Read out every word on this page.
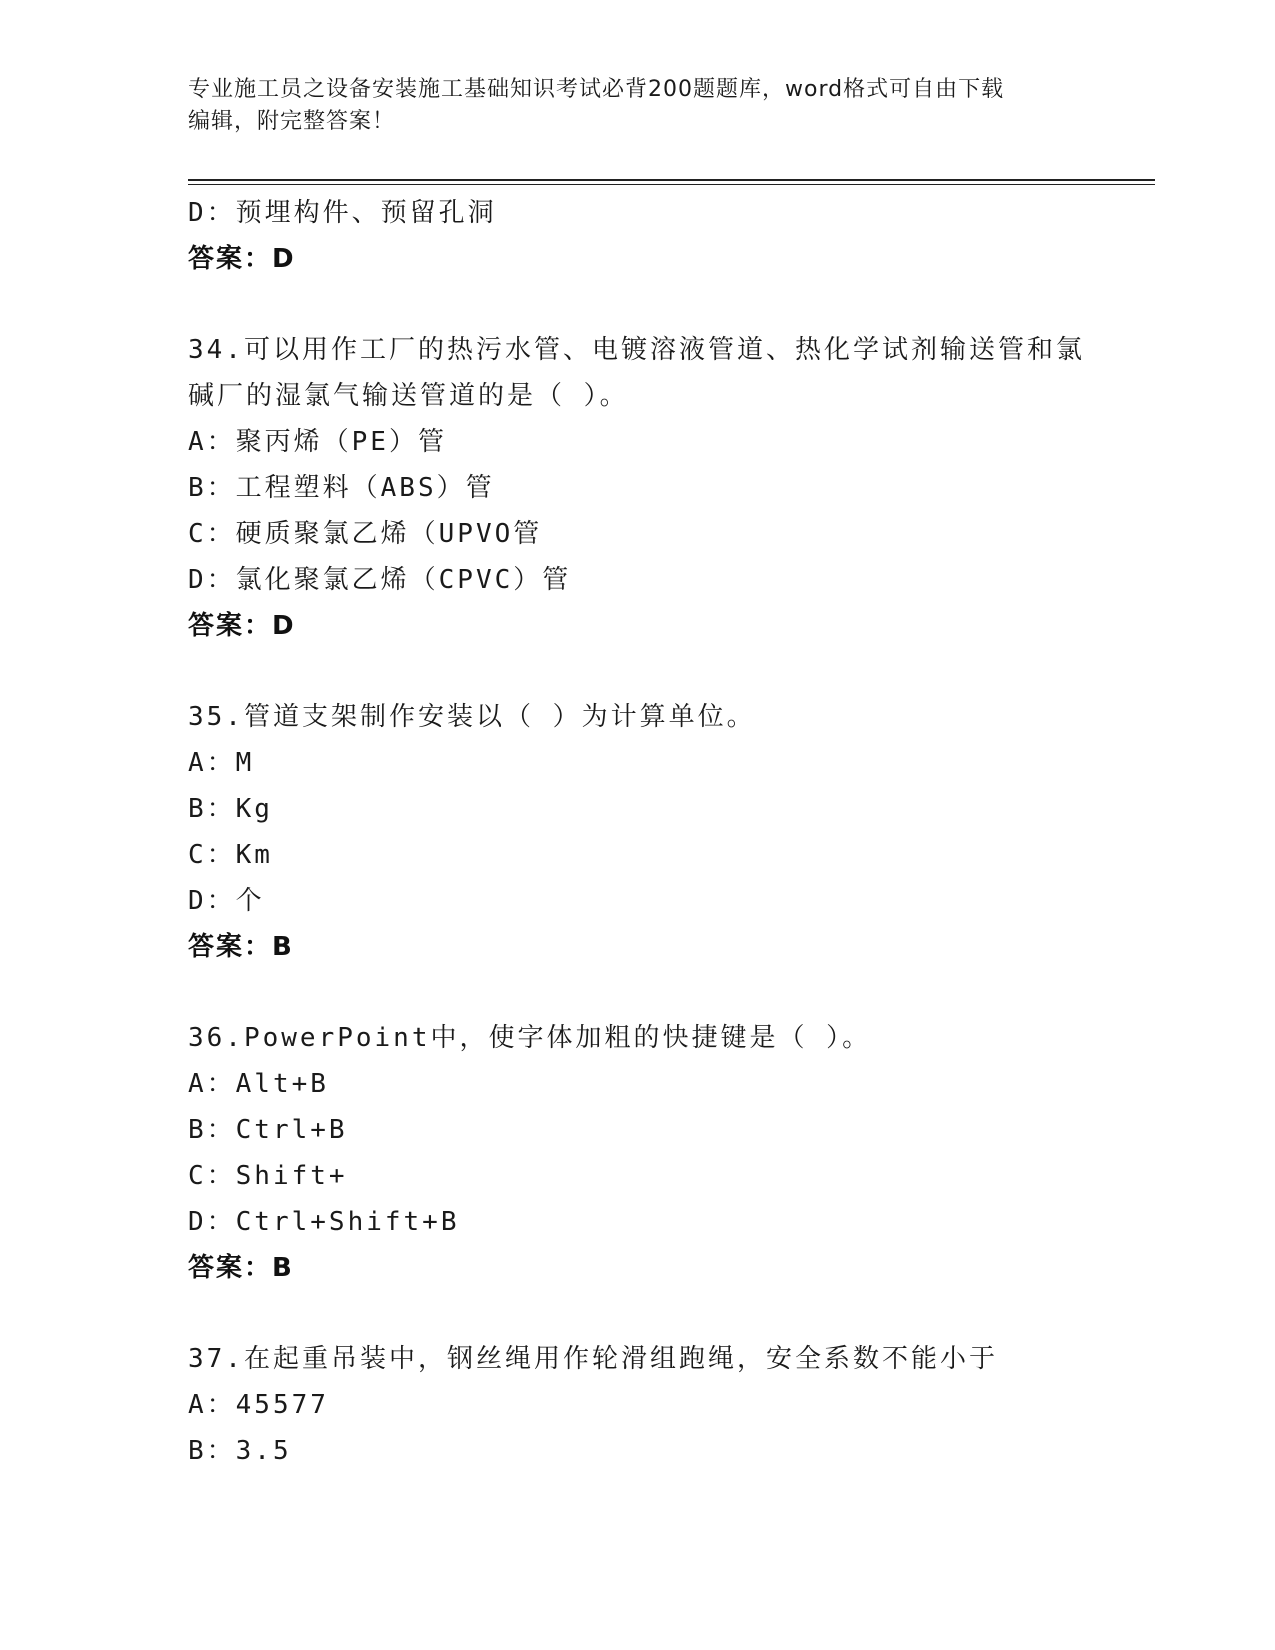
专业施工员之设备安装施工基础知识考试必背200题题库，word格式可自由下载
编辑，附完整答案！
D：预埋构件、预留孔洞
答案：D
34.可以用作工厂的热污水管、电镀溶液管道、热化学试剂输送管和氯
碱厂的湿氯气输送管道的是（ ）。
A：聚丙烯（PE）管
B：工程塑料（ABS）管
C：硬质聚氯乙烯（UPVO管
D：氯化聚氯乙烯（CPVC）管
答案：D
35.管道支架制作安装以（ ）为计算单位。
A：M
B：Kg
C：Km
D：个
答案：B
36.PowerPoint中，使字体加粗的快捷键是（ ）。
A：Alt+B
B：Ctrl+B
C：Shift+
D：Ctrl+Shift+B
答案：B
37.在起重吊装中，钢丝绳用作轮滑组跑绳，安全系数不能小于
A：45577
B：3.5
